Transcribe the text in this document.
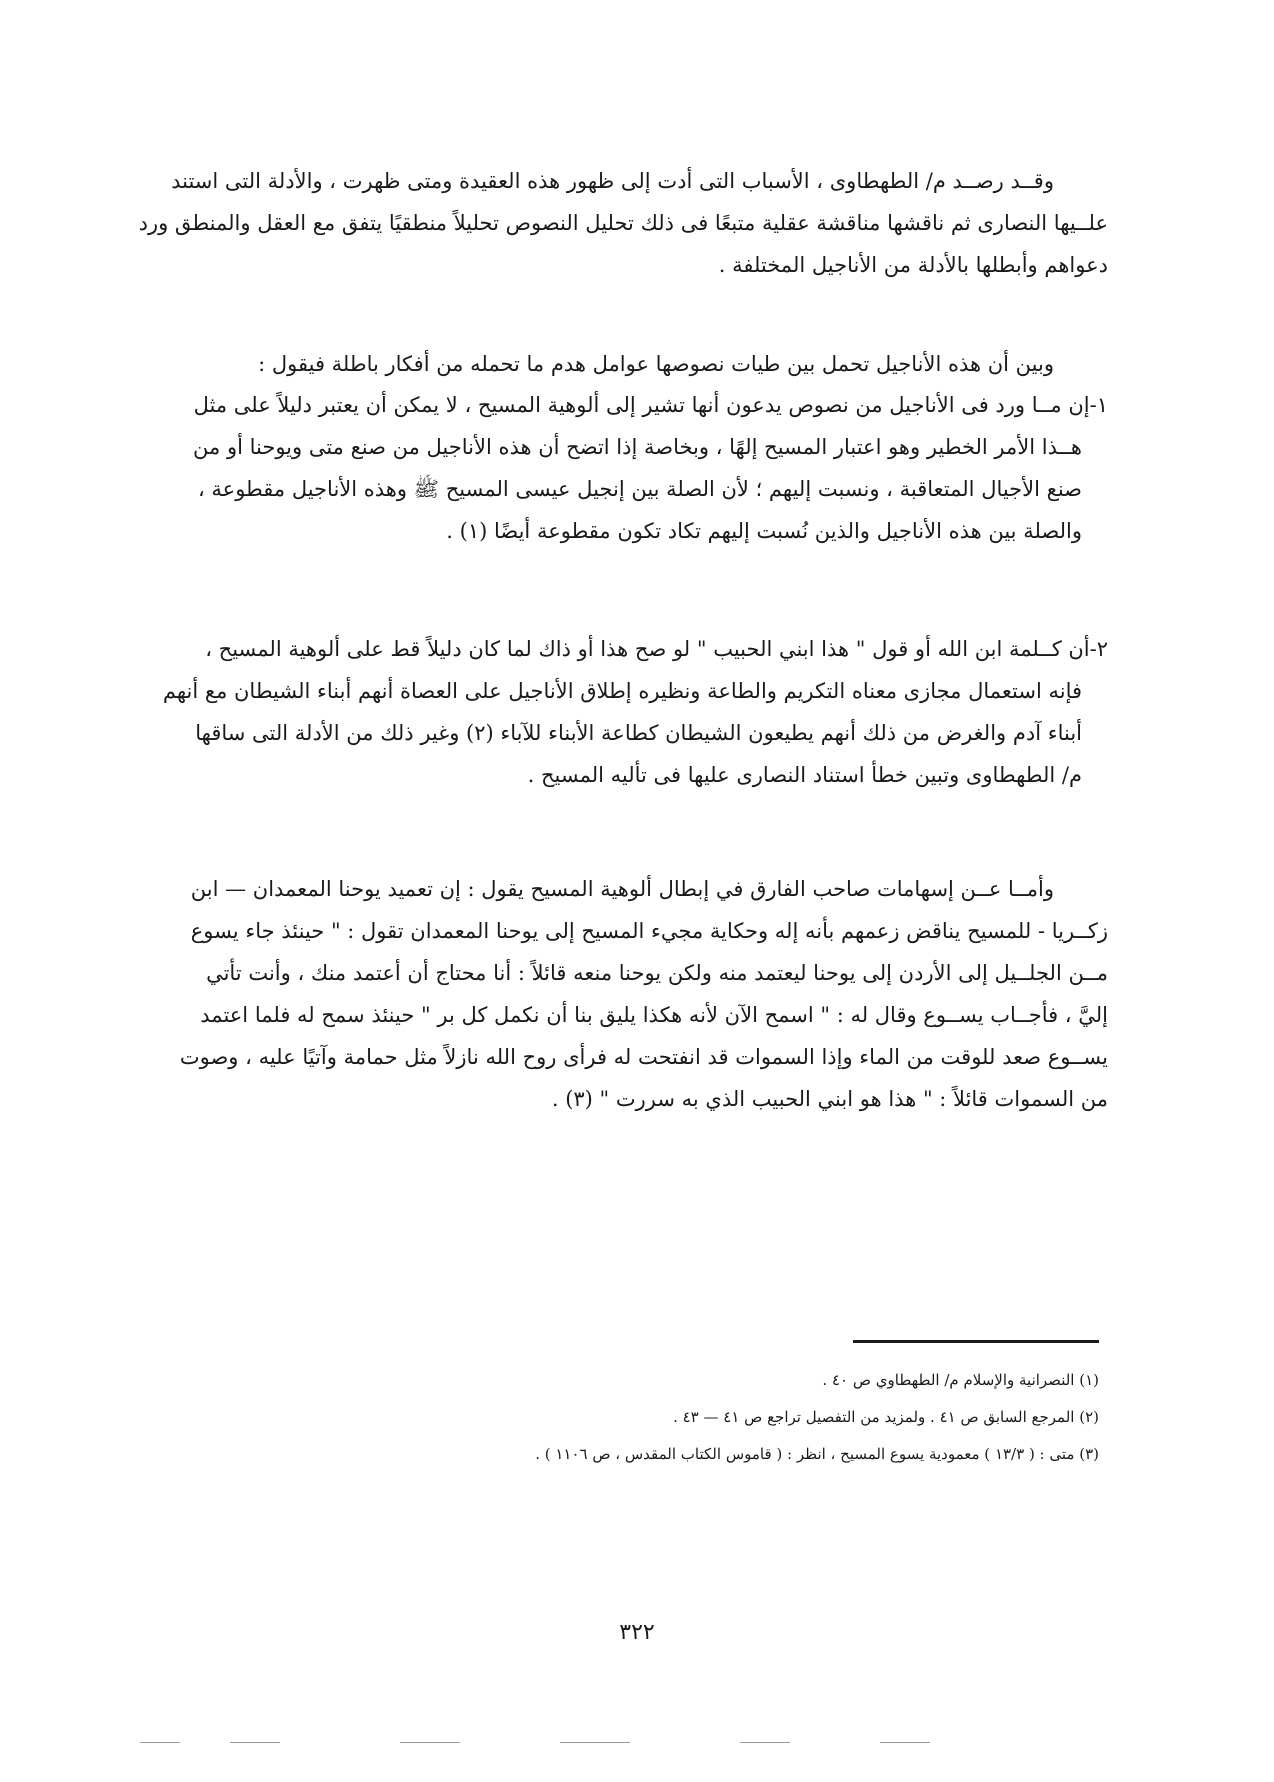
وقــد رصــد م/ الطهطاوى ، الأسباب التى أدت إلى ظهور هذه العقيدة ومتى ظهرت ، والأدلة التى استند
علــيها النصارى ثم ناقشها مناقشة عقلية متبعًا فى ذلك تحليل النصوص تحليلاً منطقيًا يتفق مع العقل والمنطق ورد
دعواهم وأبطلها بالأدلة من الأناجيل المختلفة .
وبين أن هذه الأناجيل تحمل بين طيات نصوصها عوامل هدم ما تحمله من أفكار باطلة فيقول :
١-إن مــا ورد فى الأناجيل من نصوص يدعون أنها تشير إلى ألوهية المسيح ، لا يمكن أن يعتبر دليلاً على مثل
هــذا الأمر الخطير وهو اعتبار المسيح إلهًا ، وبخاصة إذا اتضح أن هذه الأناجيل من صنع متى ويوحنا أو من
صنع الأجيال المتعاقبة ، ونسبت إليهم ؛ لأن الصلة بين إنجيل عيسى المسيح ﷺ وهذه الأناجيل مقطوعة ،
والصلة بين هذه الأناجيل والذين نُسبت إليهم تكاد تكون مقطوعة أيضًا (١) .
٢-أن كــلمة ابن الله أو قول " هذا ابني الحبيب " لو صح هذا أو ذاك لما كان دليلاً قط على ألوهية المسيح ،
فإنه استعمال مجازى معناه التكريم والطاعة ونظيره إطلاق الأناجيل على العصاة أنهم أبناء الشيطان مع أنهم
أبناء آدم والغرض من ذلك أنهم يطيعون الشيطان كطاعة الأبناء للآباء (٢) وغير ذلك من الأدلة التى ساقها
م/ الطهطاوى وتبين خطأ استناد النصارى عليها فى تأليه المسيح .
وأمــا عــن إسهامات صاحب الفارق في إبطال ألوهية المسيح يقول : إن تعميد يوحنا المعمدان — ابن
زكــريا - للمسيح يناقض زعمهم بأنه إله وحكاية مجيء المسيح إلى يوحنا المعمدان تقول : " حينئذ جاء يسوع
مــن الجلــيل إلى الأردن إلى يوحنا ليعتمد منه ولكن يوحنا منعه قائلاً : أنا محتاج أن أعتمد منك ، وأنت تأتي
إليَّ ، فأجــاب يســوع وقال له : " اسمح الآن لأنه هكذا يليق بنا أن نكمل كل بر " حينئذ سمح له فلما اعتمد
يســوع صعد للوقت من الماء وإذا السموات قد انفتحت له فرأى روح الله نازلاً مثل حمامة وآتيًا عليه ، وصوت
من السموات قائلاً : " هذا هو ابني الحبيب الذي به سررت " (٣) .
(١) النصرانية والإسلام م/ الطهطاوي ص ٤٠ .
(٢) المرجع السابق ص ٤١ . ولمزيد من التفصيل تراجع ص ٤١ — ٤٣ .
(٣) متى : ( ١٣/٣ ) معمودية يسوع المسيح ، انظر : ( قاموس الكتاب المقدس ، ص ١١٠٦ ) .
٣٢٢
